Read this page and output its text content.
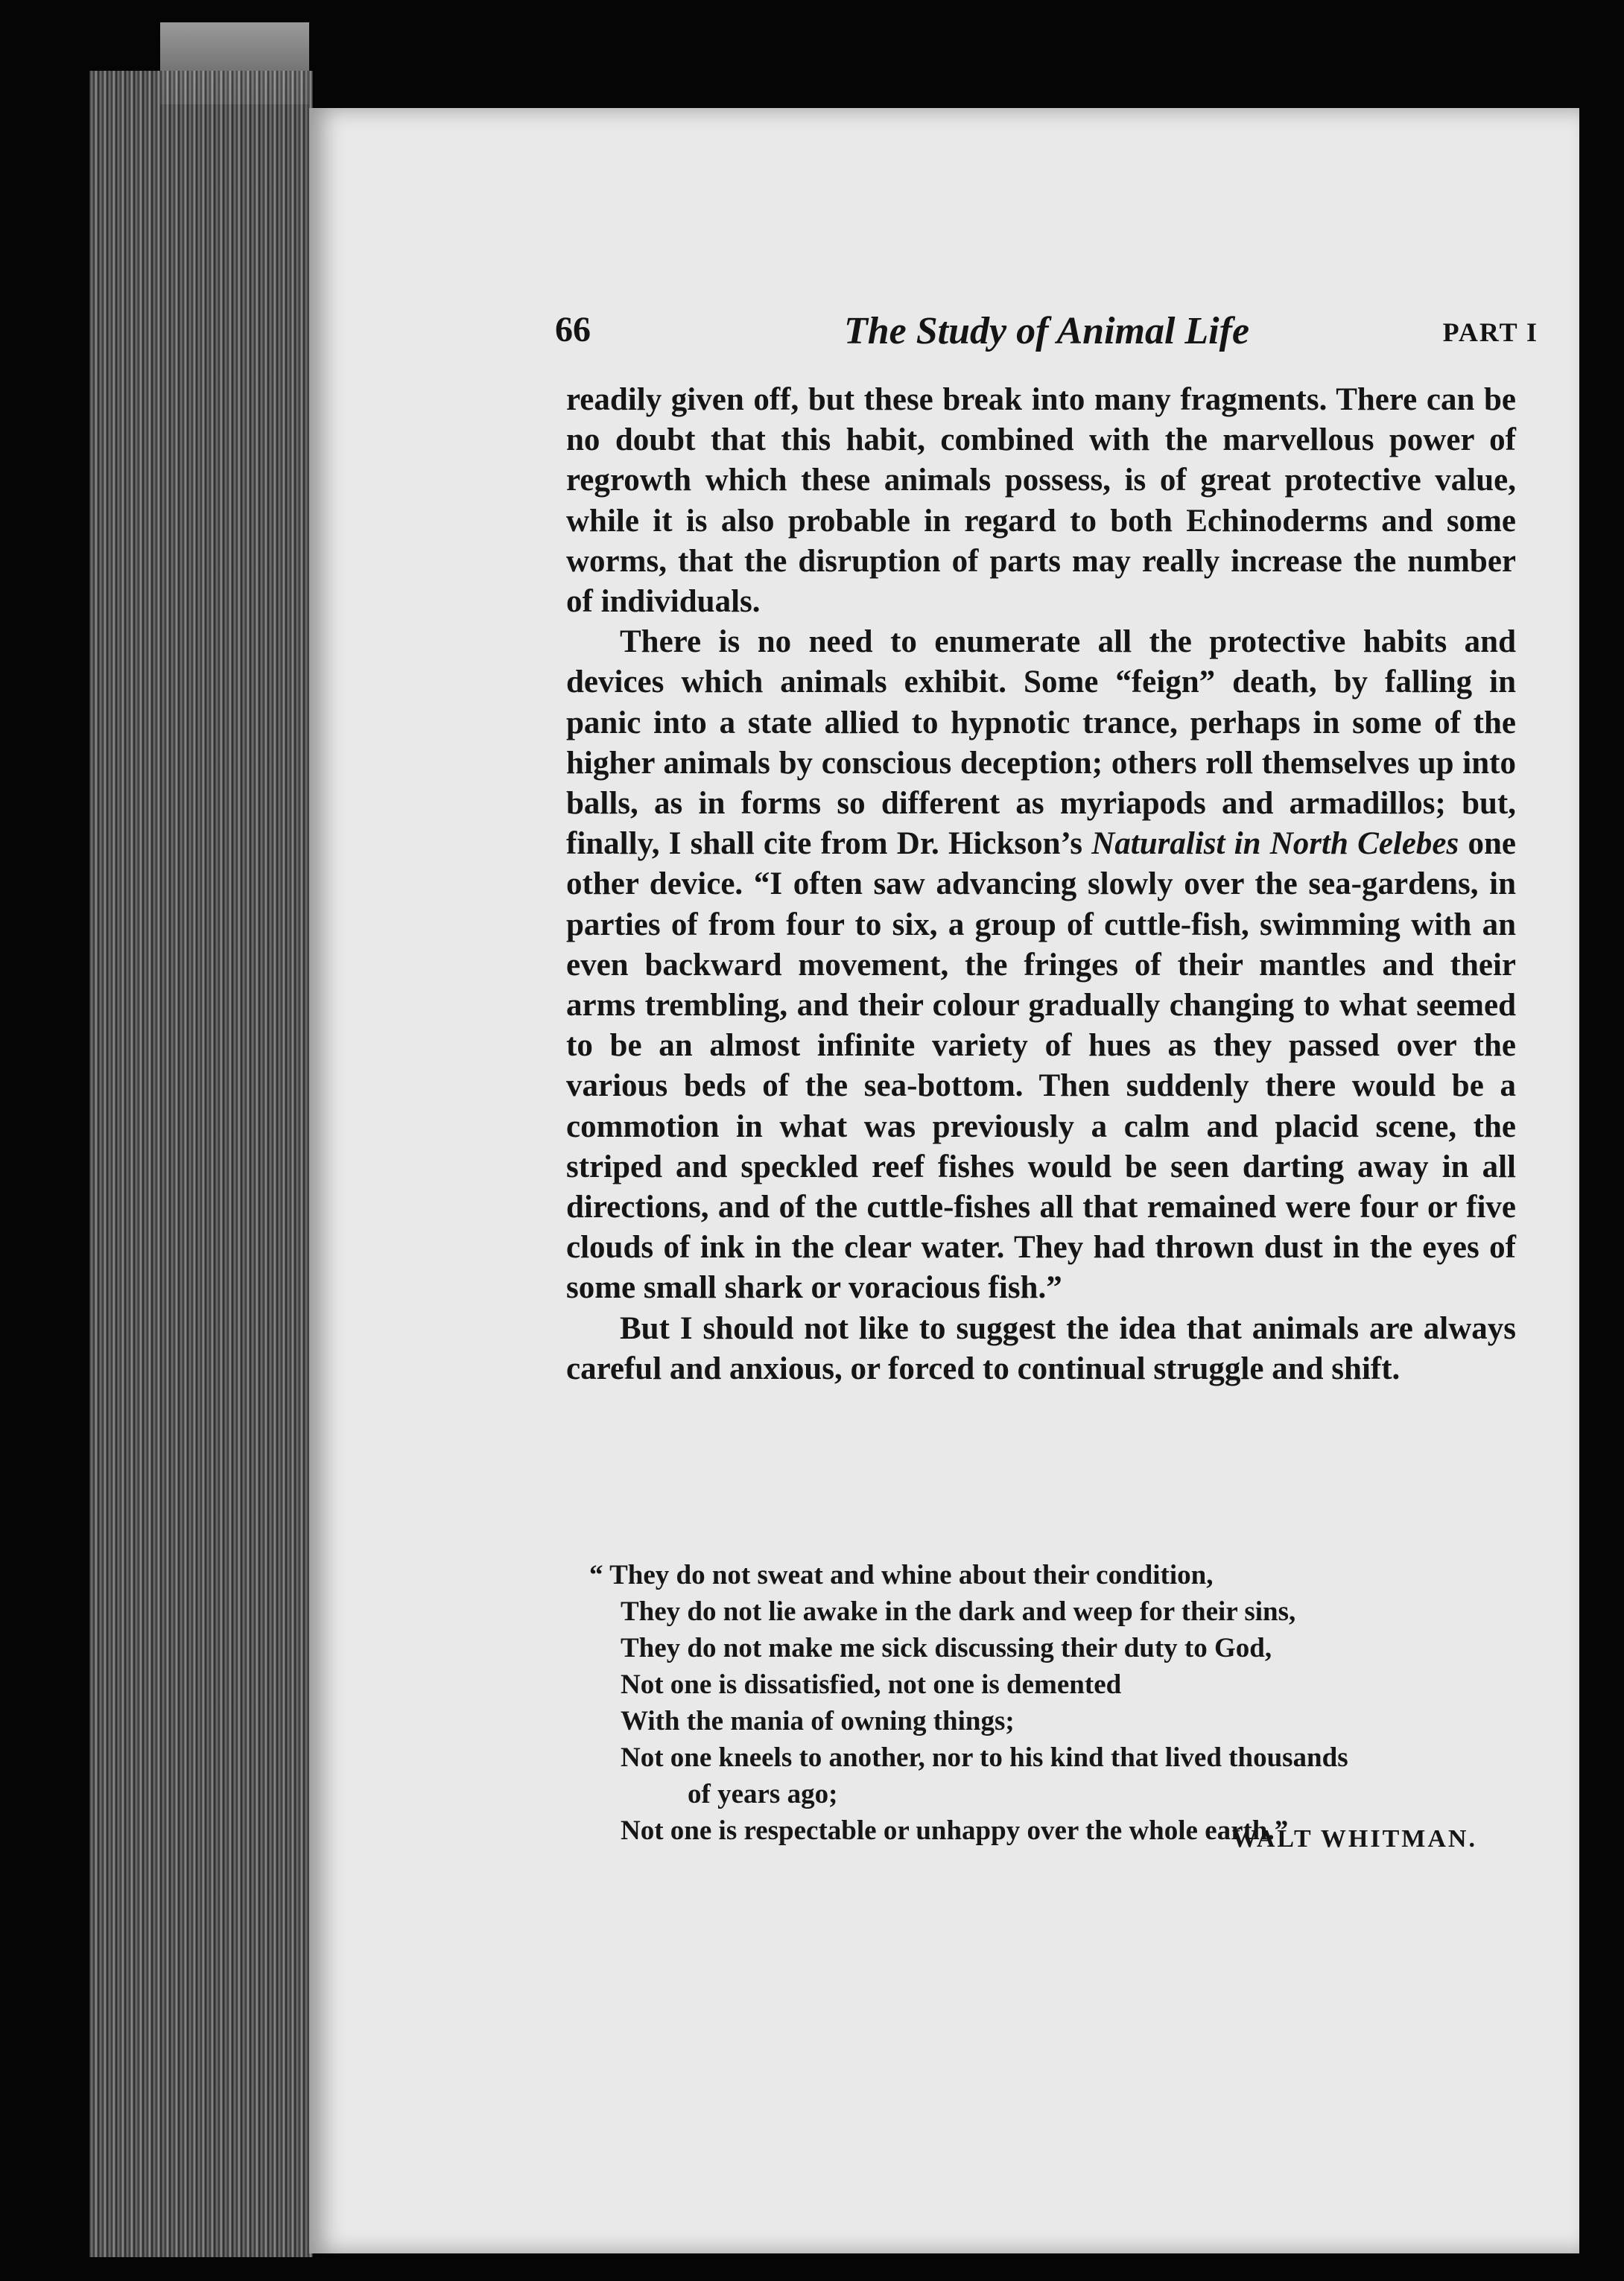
66	The Study of Animal Life	PART I

readily given off, but these break into many fragments. There can be no doubt that this habit, combined with the marvellous power of regrowth which these animals possess, is of great protective value, while it is also probable in regard to both Echinoderms and some worms, that the disruption of parts may really increase the number of individuals.

There is no need to enumerate all the protective habits and devices which animals exhibit. Some “feign” death, by falling in panic into a state allied to hypnotic trance, perhaps in some of the higher animals by conscious deception; others roll themselves up into balls, as in forms so different as myriapods and armadillos; but, finally, I shall cite from Dr. Hickson’s Naturalist in North Celebes one other device. “I often saw advancing slowly over the sea-gardens, in parties of from four to six, a group of cuttle-fish, swimming with an even backward movement, the fringes of their mantles and their arms trembling, and their colour gradually changing to what seemed to be an almost infinite variety of hues as they passed over the various beds of the sea-bottom. Then suddenly there would be a commotion in what was previously a calm and placid scene, the striped and speckled reef fishes would be seen darting away in all directions, and of the cuttle-fishes all that remained were four or five clouds of ink in the clear water. They had thrown dust in the eyes of some small shark or voracious fish.”

But I should not like to suggest the idea that animals are always careful and anxious, or forced to continual struggle and shift.

“ They do not sweat and whine about their condition,
They do not lie awake in the dark and weep for their sins,
They do not make me sick discussing their duty to God,
Not one is dissatisfied, not one is demented
With the mania of owning things;
Not one kneels to another, nor to his kind that lived thousands
of years ago;
Not one is respectable or unhappy over the whole earth.”
WALT WHITMAN.
